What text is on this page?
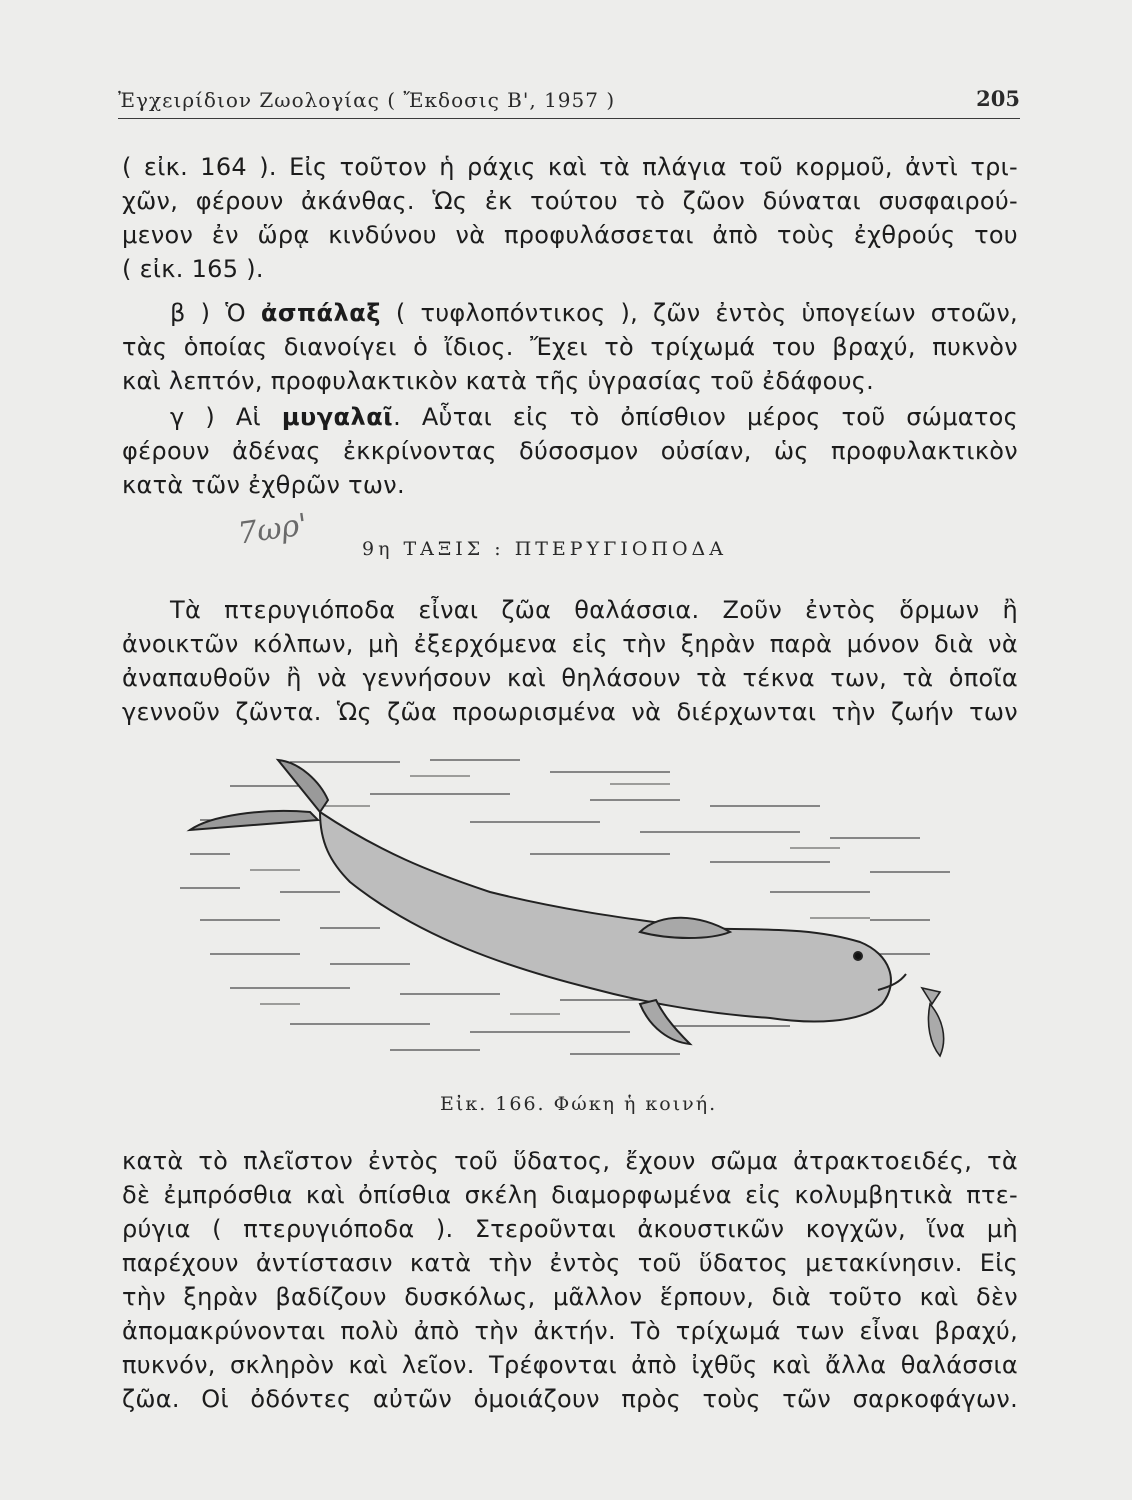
Ἐγχειρίδιον Ζωολογίας ( Ἔκδοσις Β', 1957 )	205
( εἰκ. 164 ). Εἰς τοῦτον ἡ ράχις καὶ τὰ πλάγια τοῦ κορμοῦ, ἀντὶ τρι-
χῶν, φέρουν ἀκάνθας. Ὡς ἐκ τούτου τὸ ζῶον δύναται συσφαιρού-
μενον ἐν ὥρᾳ κινδύνου νὰ προφυλάσσεται ἀπὸ τοὺς ἐχθρούς του
( εἰκ. 165 ).
β ) Ὁ ἀσπάλαξ ( τυφλοπόντικος ), ζῶν ἐντὸς ὑπογείων στοῶν,
τὰς ὁποίας διανοίγει ὁ ἴδιος. Ἔχει τὸ τρίχωμά του βραχύ, πυκνὸν
καὶ λεπτόν, προφυλακτικὸν κατὰ τῆς ὑγρασίας τοῦ ἐδάφους.
γ ) Αἱ μυγαλαῖ. Αὗται εἰς τὸ ὀπίσθιον μέρος τοῦ σώματος
φέρουν ἀδένας ἐκκρίνοντας δύσοσμον οὐσίαν, ὡς προφυλακτικὸν
κατὰ τῶν ἐχθρῶν των.
7ωρ'	9η ΤΑΞΙΣ : ΠΤΕΡΥΓΙΟΠΟΔΑ
Τὰ πτερυγιόποδα εἶναι ζῶα θαλάσσια. Ζοῦν ἐντὸς ὅρμων ἢ
ἀνοικτῶν κόλπων, μὴ ἐξερχόμενα εἰς τὴν ξηρὰν παρὰ μόνον διὰ νὰ
ἀναπαυθοῦν ἢ νὰ γεννήσουν καὶ θηλάσουν τὰ τέκνα των, τὰ ὁποῖα
γεννοῦν ζῶντα. Ὡς ζῶα προωρισμένα νὰ διέρχωνται τὴν ζωήν των
Εἰκ. 166. Φώκη ἡ κοινή.
κατὰ τὸ πλεῖστον ἐντὸς τοῦ ὕδατος, ἔχουν σῶμα ἀτρακτοειδές, τὰ
δὲ ἐμπρόσθια καὶ ὀπίσθια σκέλη διαμορφωμένα εἰς κολυμβητικὰ πτε-
ρύγια ( πτερυγιόποδα ). Στεροῦνται ἀκουστικῶν κογχῶν, ἵνα μὴ
παρέχουν ἀντίστασιν κατὰ τὴν ἐντὸς τοῦ ὕδατος μετακίνησιν. Εἰς
τὴν ξηρὰν βαδίζουν δυσκόλως, μᾶλλον ἕρπουν, διὰ τοῦτο καὶ δὲν
ἀπομακρύνονται πολὺ ἀπὸ τὴν ἀκτήν. Τὸ τρίχωμά των εἶναι βραχύ,
πυκνόν, σκληρὸν καὶ λεῖον. Τρέφονται ἀπὸ ἰχθῦς καὶ ἄλλα θαλάσσια
ζῶα. Οἱ ὀδόντες αὐτῶν ὁμοιάζουν πρὸς τοὺς τῶν σαρκοφάγων.
